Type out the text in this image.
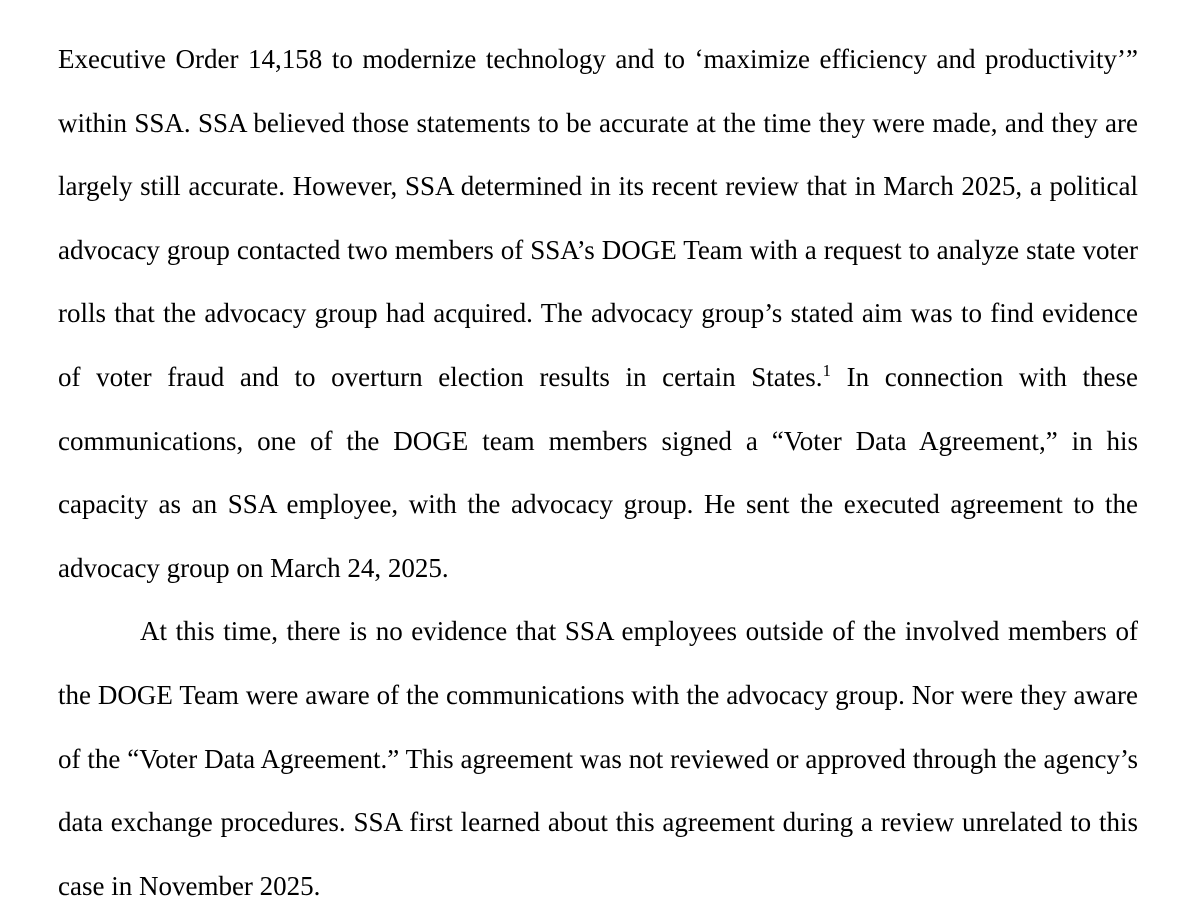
Executive Order 14,158 to modernize technology and to ‘maximize efficiency and productivity’” within SSA. SSA believed those statements to be accurate at the time they were made, and they are largely still accurate. However, SSA determined in its recent review that in March 2025, a political advocacy group contacted two members of SSA’s DOGE Team with a request to analyze state voter rolls that the advocacy group had acquired. The advocacy group’s stated aim was to find evidence of voter fraud and to overturn election results in certain States.$^1$ In connection with these communications, one of the DOGE team members signed a “Voter Data Agreement,” in his capacity as an SSA employee, with the advocacy group. He sent the executed agreement to the advocacy group on March 24, 2025.

At this time, there is no evidence that SSA employees outside of the involved members of the DOGE Team were aware of the communications with the advocacy group. Nor were they aware of the “Voter Data Agreement.” This agreement was not reviewed or approved through the agency’s data exchange procedures. SSA first learned about this agreement during a review unrelated to this case in November 2025.
